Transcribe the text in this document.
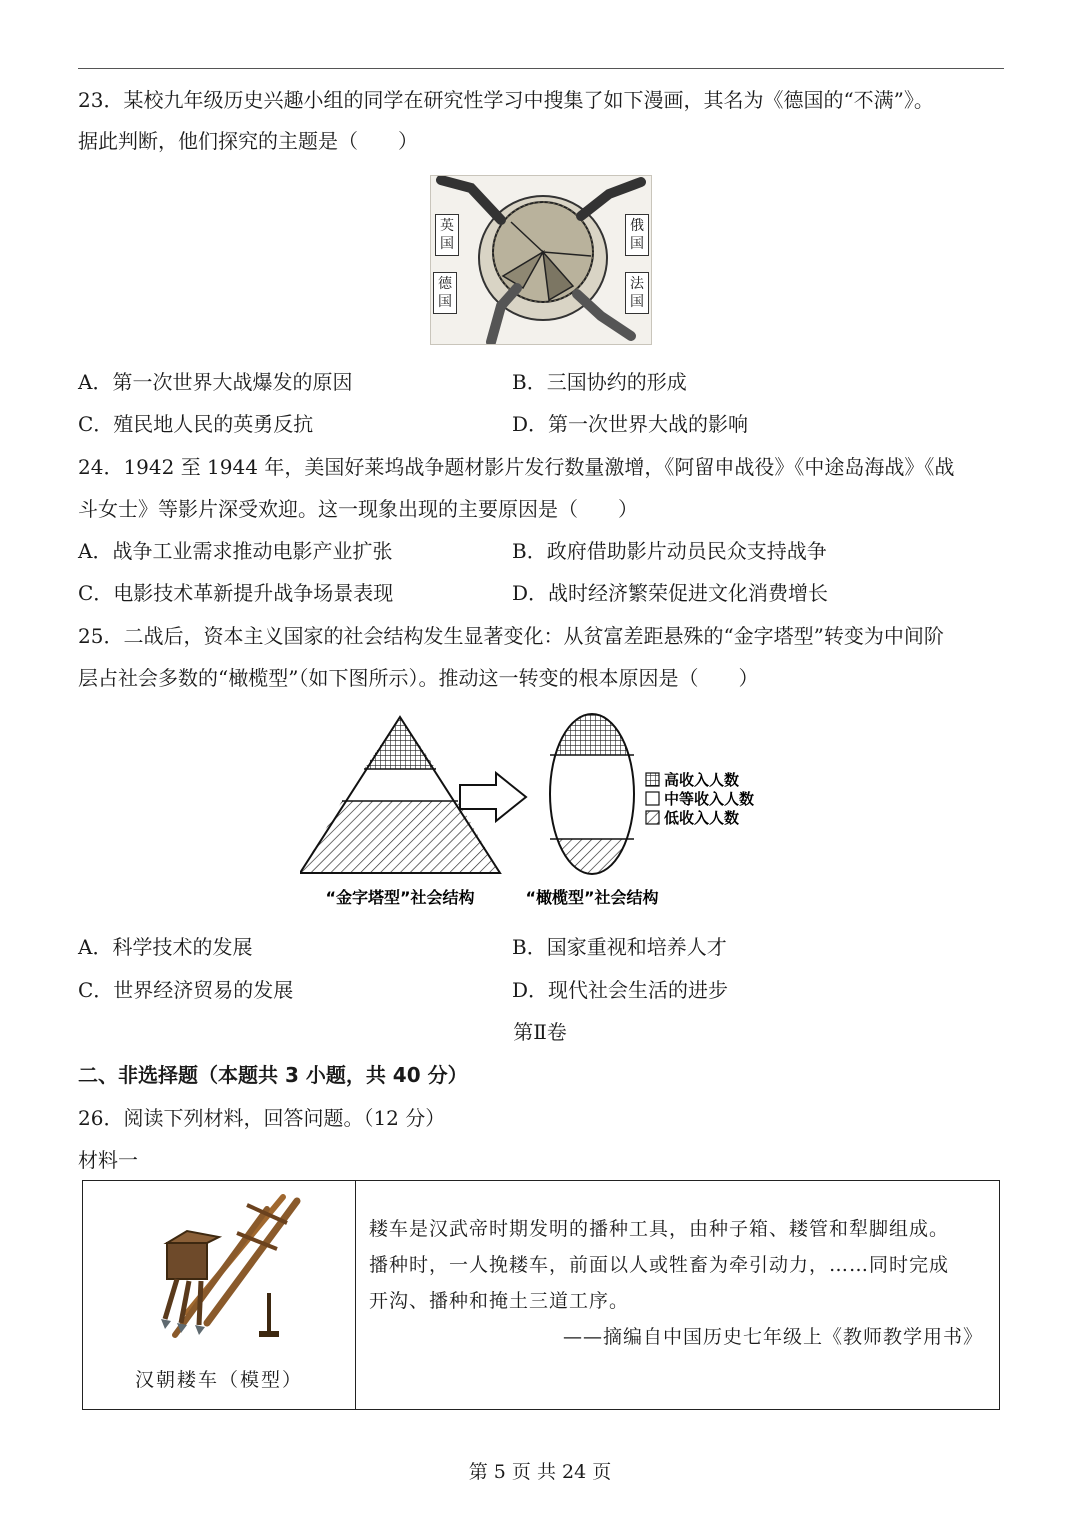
23．某校九年级历史兴趣小组的同学在研究性学习中搜集了如下漫画，其名为《德国的“不满”》。
据此判断，他们探究的主题是（　　）
英国
德国
俄国
法国
A．第一次世界大战爆发的原因	B．三国协约的形成
C．殖民地人民的英勇反抗	D．第一次世界大战的影响
24．1942 至 1944 年，美国好莱坞战争题材影片发行数量激增，《阿留申战役》《中途岛海战》《战
斗女士》等影片深受欢迎。这一现象出现的主要原因是（　　）
A．战争工业需求推动电影产业扩张	B．政府借助影片动员民众支持战争
C．电影技术革新提升战争场景表现	D．战时经济繁荣促进文化消费增长
25．二战后，资本主义国家的社会结构发生显著变化：从贫富差距悬殊的“金字塔型”转变为中间阶
层占社会多数的“橄榄型”（如下图所示）。推动这一转变的根本原因是（　　）
高收入人数
中等收入人数
低收入人数
“金字塔型”社会结构	“橄榄型”社会结构
A．科学技术的发展	B．国家重视和培养人才
C．世界经济贸易的发展	D．现代社会生活的进步
第Ⅱ卷
二、非选择题（本题共 3 小题，共 40 分）
26．阅读下列材料，回答问题。（12 分）
材料一
汉朝耧车（模型）
耧车是汉武帝时期发明的播种工具，由种子箱、耧管和犁脚组成。
播种时，一人挽耧车，前面以人或牲畜为牵引动力，……同时完成
开沟、播种和掩土三道工序。
——摘编自中国历史七年级上《教师教学用书》
第 5 页 共 24 页
